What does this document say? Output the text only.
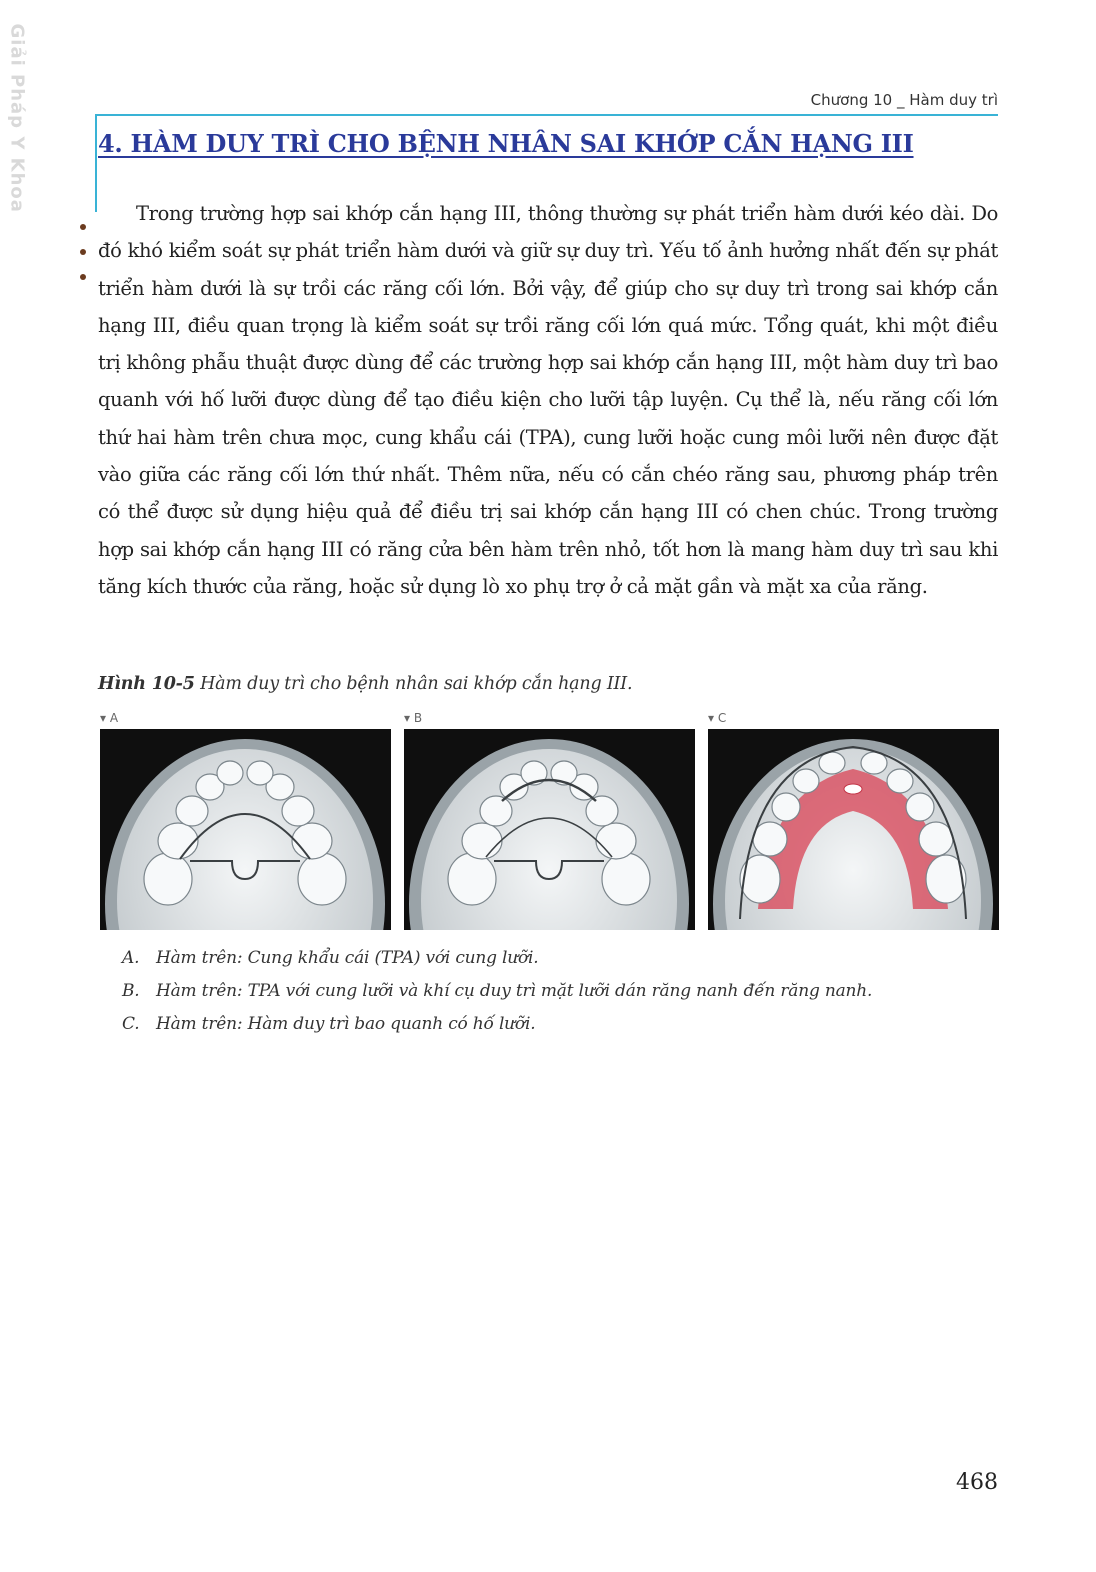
Giải Pháp Y Khoa	Chương 10 _ Hàm duy trì
4. HÀM DUY TRÌ CHO BỆNH NHÂN SAI KHỚP CẮN HẠNG III

Trong trường hợp sai khớp cắn hạng III, thông thường sự phát triển hàm dưới kéo dài. Do đó khó kiểm soát sự phát triển hàm dưới và giữ sự duy trì. Yếu tố ảnh hưởng nhất đến sự phát triển hàm dưới là sự trồi các răng cối lớn. Bởi vậy, để giúp cho sự duy trì trong sai khớp cắn hạng III, điều quan trọng là kiểm soát sự trồi răng cối lớn quá mức. Tổng quát, khi một điều trị không phẫu thuật được dùng để các trường hợp sai khớp cắn hạng III, một hàm duy trì bao quanh với hố lưỡi được dùng để tạo điều kiện cho lưỡi tập luyện. Cụ thể là, nếu răng cối lớn thứ hai hàm trên chưa mọc, cung khẩu cái (TPA), cung lưỡi hoặc cung môi lưỡi nên được đặt vào giữa các răng cối lớn thứ nhất. Thêm nữa, nếu có cắn chéo răng sau, phương pháp trên có thể được sử dụng hiệu quả để điều trị sai khớp cắn hạng III có chen chúc. Trong trường hợp sai khớp cắn hạng III có răng cửa bên hàm trên nhỏ, tốt hơn là mang hàm duy trì sau khi tăng kích thước của răng, hoặc sử dụng lò xo phụ trợ ở cả mặt gần và mặt xa của răng.

Hình 10-5 Hàm duy trì cho bệnh nhân sai khớp cắn hạng III.

▾ A	▾ B	▾ C
A. Hàm trên: Cung khẩu cái (TPA) với cung lưỡi.
B. Hàm trên: TPA với cung lưỡi và khí cụ duy trì mặt lưỡi dán răng nanh đến răng nanh.
C. Hàm trên: Hàm duy trì bao quanh có hố lưỡi.
468
